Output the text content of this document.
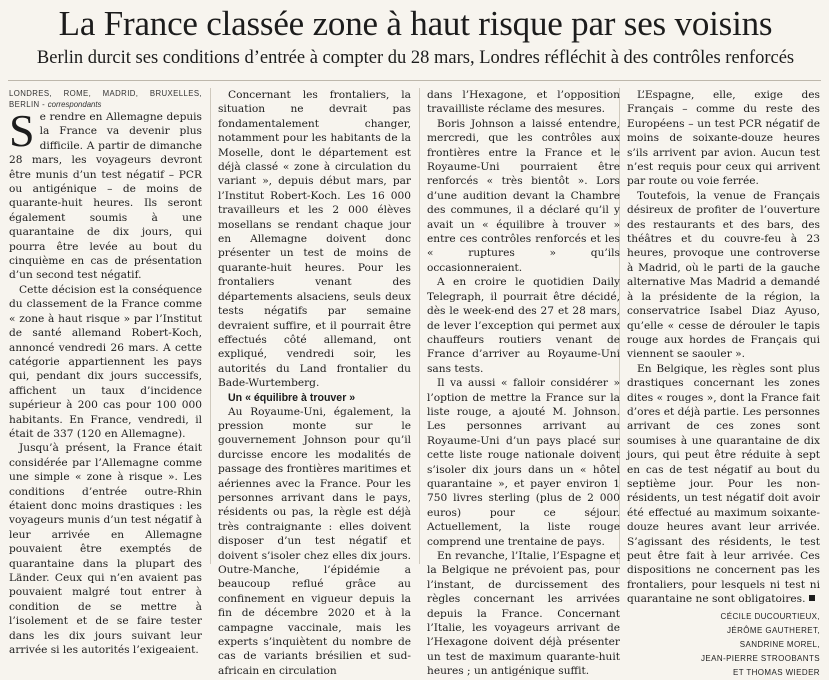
La France classée zone à haut risque par ses voisins
Berlin durcit ses conditions d’entrée à compter du 28 mars, Londres réfléchit à des contrôles renforcés

LONDRES, ROME, MADRID, BRUXELLES, BERLIN - correspondants

Se rendre en Allemagne depuis la France va devenir plus difficile. A partir de dimanche 28 mars, les voyageurs devront être munis d’un test négatif – PCR ou antigénique – de moins de quarante-huit heures. Ils seront également soumis à une quarantaine de dix jours, qui pourra être levée au bout du cinquième en cas de présentation d’un second test négatif.

Cette décision est la conséquence du classement de la France comme « zone à haut risque » par l’Institut de santé allemand Robert-Koch, annoncé vendredi 26 mars. A cette catégorie appartiennent les pays qui, pendant dix jours successifs, affichent un taux d’incidence supérieur à 200 cas pour 100 000 habitants. En France, vendredi, il était de 337 (120 en Allemagne).

Jusqu’à présent, la France était considérée par l’Allemagne comme une simple « zone à risque ». Les conditions d’entrée outre-Rhin étaient donc moins drastiques : les voyageurs munis d’un test négatif à leur arrivée en Allemagne pouvaient être exemptés de quarantaine dans la plupart des Länder. Ceux qui n’en avaient pas pouvaient malgré tout entrer à condition de se mettre à l’isolement et de se faire tester dans les dix jours suivant leur arrivée si les autorités l’exigeaient.

Concernant les frontaliers, la situation ne devrait pas fondamentalement changer, notamment pour les habitants de la Moselle, dont le département est déjà classé « zone à circulation du variant », depuis début mars, par l’Institut Robert-Koch. Les 16 000 travailleurs et les 2 000 élèves mosellans se rendant chaque jour en Allemagne doivent donc présenter un test de moins de quarante-huit heures. Pour les frontaliers venant des départements alsaciens, seuls deux tests négatifs par semaine devraient suffire, et il pourrait être effectués côté allemand, ont expliqué, vendredi soir, les autorités du Land frontalier du Bade-Wurtemberg.

Un « équilibre à trouver »

Au Royaume-Uni, également, la pression monte sur le gouvernement Johnson pour qu’il durcisse encore les modalités de passage des frontières maritimes et aériennes avec la France. Pour les personnes arrivant dans le pays, résidents ou pas, la règle est déjà très contraignante : elles doivent disposer d’un test négatif et doivent s’isoler chez elles dix jours. Outre-Manche, l’épidémie a beaucoup reflué grâce au confinement en vigueur depuis la fin de décembre 2020 et à la campagne vaccinale, mais les experts s’inquiètent du nombre de cas de variants brésilien et sud-africain en circulation

dans l’Hexagone, et l’opposition travailliste réclame des mesures.

Boris Johnson a laissé entendre, mercredi, que les contrôles aux frontières entre la France et le Royaume-Uni pourraient être renforcés « très bientôt ». Lors d’une audition devant la Chambre des communes, il a déclaré qu’il y avait un « équilibre à trouver » entre ces contrôles renforcés et les « ruptures » qu’ils occasionneraient.

A en croire le quotidien Daily Telegraph, il pourrait être décidé, dès le week-end des 27 et 28 mars, de lever l’exception qui permet aux chauffeurs routiers venant de France d’arriver au Royaume-Uni sans tests.

Il va aussi « falloir considérer » l’option de mettre la France sur la liste rouge, a ajouté M. Johnson. Les personnes arrivant au Royaume-Uni d’un pays placé sur cette liste rouge nationale doivent s’isoler dix jours dans un « hôtel quarantaine », et payer environ 1 750 livres sterling (plus de 2 000 euros) pour ce séjour. Actuellement, la liste rouge comprend une trentaine de pays.

En revanche, l’Italie, l’Espagne et la Belgique ne prévoient pas, pour l’instant, de durcissement des règles concernant les arrivées depuis la France. Concernant l’Italie, les voyageurs arrivant de l’Hexagone doivent déjà présenter un test de maximum quarante-huit heures ; un antigénique suffit.

L’Espagne, elle, exige des Français – comme du reste des Européens – un test PCR négatif de moins de soixante-douze heures s’ils arrivent par avion. Aucun test n’est requis pour ceux qui arrivent par route ou voie ferrée.

Toutefois, la venue de Français désireux de profiter de l’ouverture des restaurants et des bars, des théâtres et du couvre-feu à 23 heures, provoque une controverse à Madrid, où le parti de la gauche alternative Mas Madrid a demandé à la présidente de la région, la conservatrice Isabel Diaz Ayuso, qu’elle « cesse de dérouler le tapis rouge aux hordes de Français qui viennent se saouler ».

En Belgique, les règles sont plus drastiques concernant les zones dites « rouges », dont la France fait d’ores et déjà partie. Les personnes arrivant de ces zones sont soumises à une quarantaine de dix jours, qui peut être réduite à sept en cas de test négatif au bout du septième jour. Pour les non-résidents, un test négatif doit avoir été effectué au maximum soixante-douze heures avant leur arrivée. S’agissant des résidents, le test peut être fait à leur arrivée. Ces dispositions ne concernent pas les frontaliers, pour lesquels ni test ni quarantaine ne sont obligatoires.

CÉCILE DUCOURTIEUX,
JÉRÔME GAUTHERET,
SANDRINE MOREL,
JEAN-PIERRE STROOBANTS
ET THOMAS WIEDER
